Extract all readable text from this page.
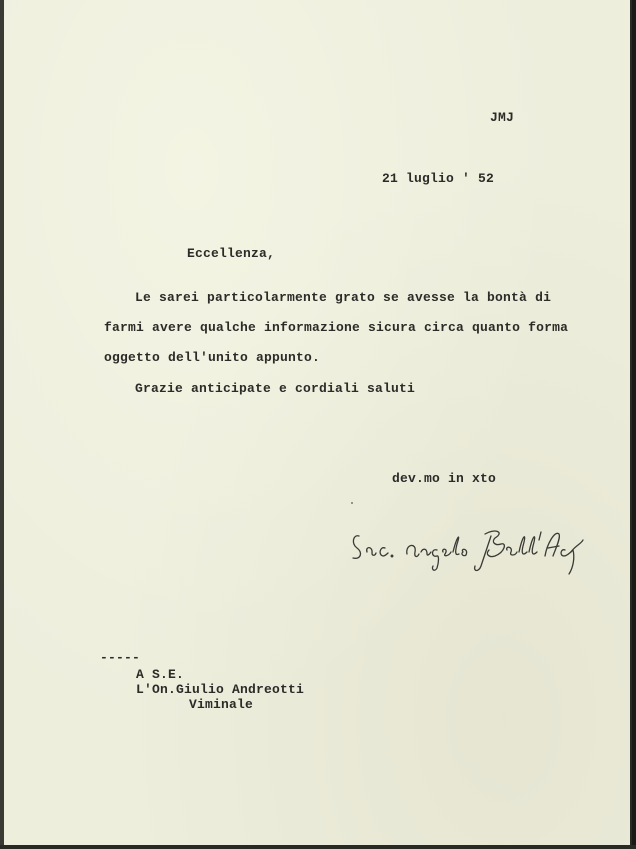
JMJ
21 luglio ' 52
Eccellenza,
Le sarei particolarmente grato se avesse la bontà di
farmi avere qualche informazione sicura circa quanto forma
oggetto dell'unito appunto.
Grazie anticipate e cordiali saluti
dev.mo in xto
-----
A S.E.
L'On.Giulio Andreotti
Viminale
